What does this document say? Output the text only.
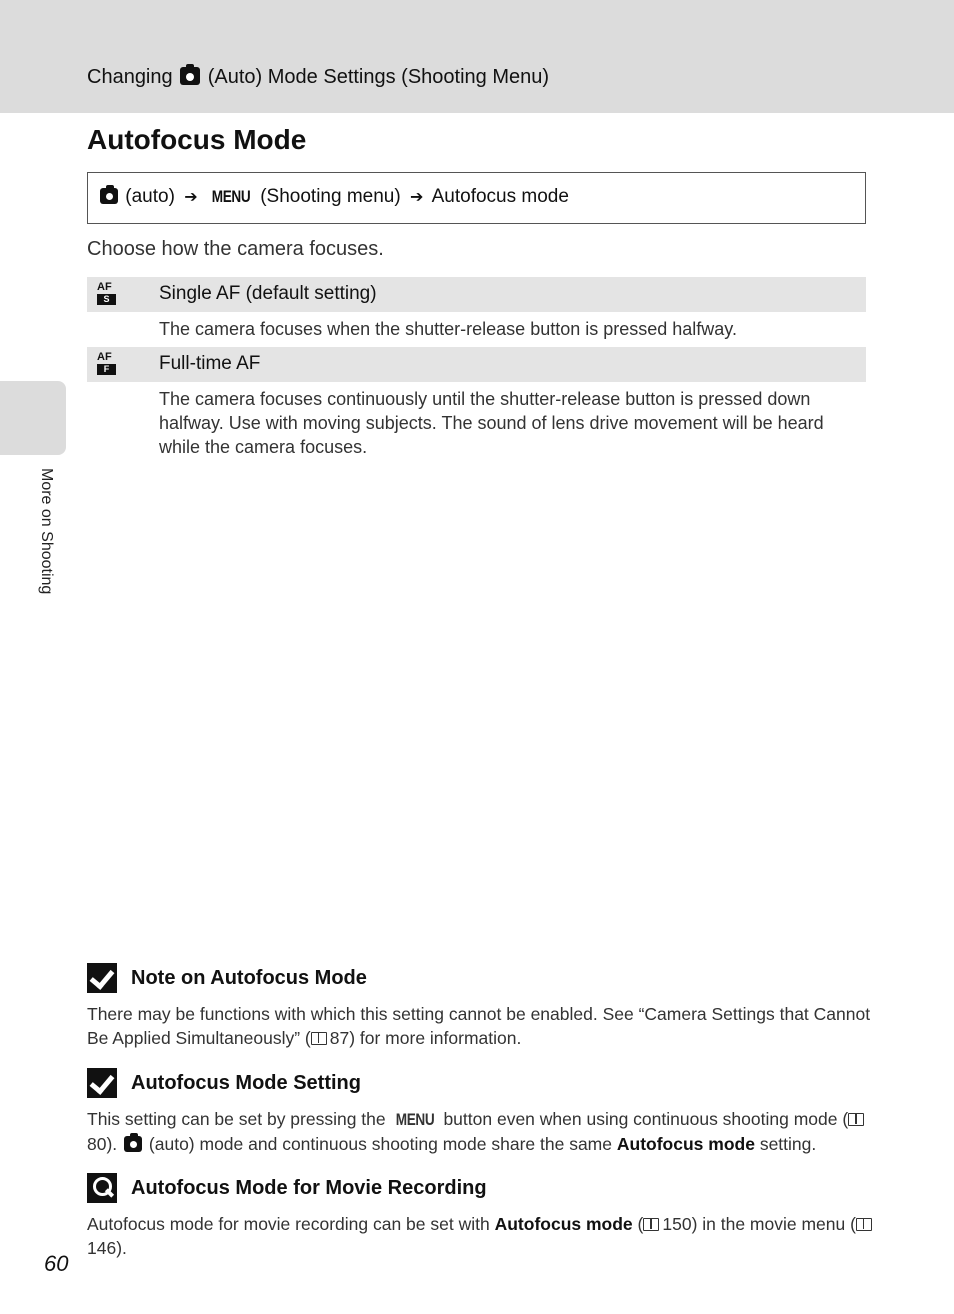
Changing (Auto) Mode Settings (Shooting Menu)
More on Shooting
Autofocus Mode
(auto) ➔ MENU (Shooting menu) ➔ Autofocus mode
Choose how the camera focuses.
AF
S	Single AF (default setting)
The camera focuses when the shutter-release button is pressed halfway.
AF
F	Full-time AF
The camera focuses continuously until the shutter-release button is pressed down halfway. Use with moving subjects. The sound of lens drive movement will be heard while the camera focuses.
Note on Autofocus Mode
There may be functions with which this setting cannot be enabled. See “Camera Settings that Cannot Be Applied Simultaneously” ( 87) for more information.
Autofocus Mode Setting
This setting can be set by pressing the MENU button even when using continuous shooting mode (80). (auto) mode and continuous shooting mode share the same Autofocus mode setting.
Autofocus Mode for Movie Recording
Autofocus mode for movie recording can be set with Autofocus mode ( 150) in the movie menu (146).
60
